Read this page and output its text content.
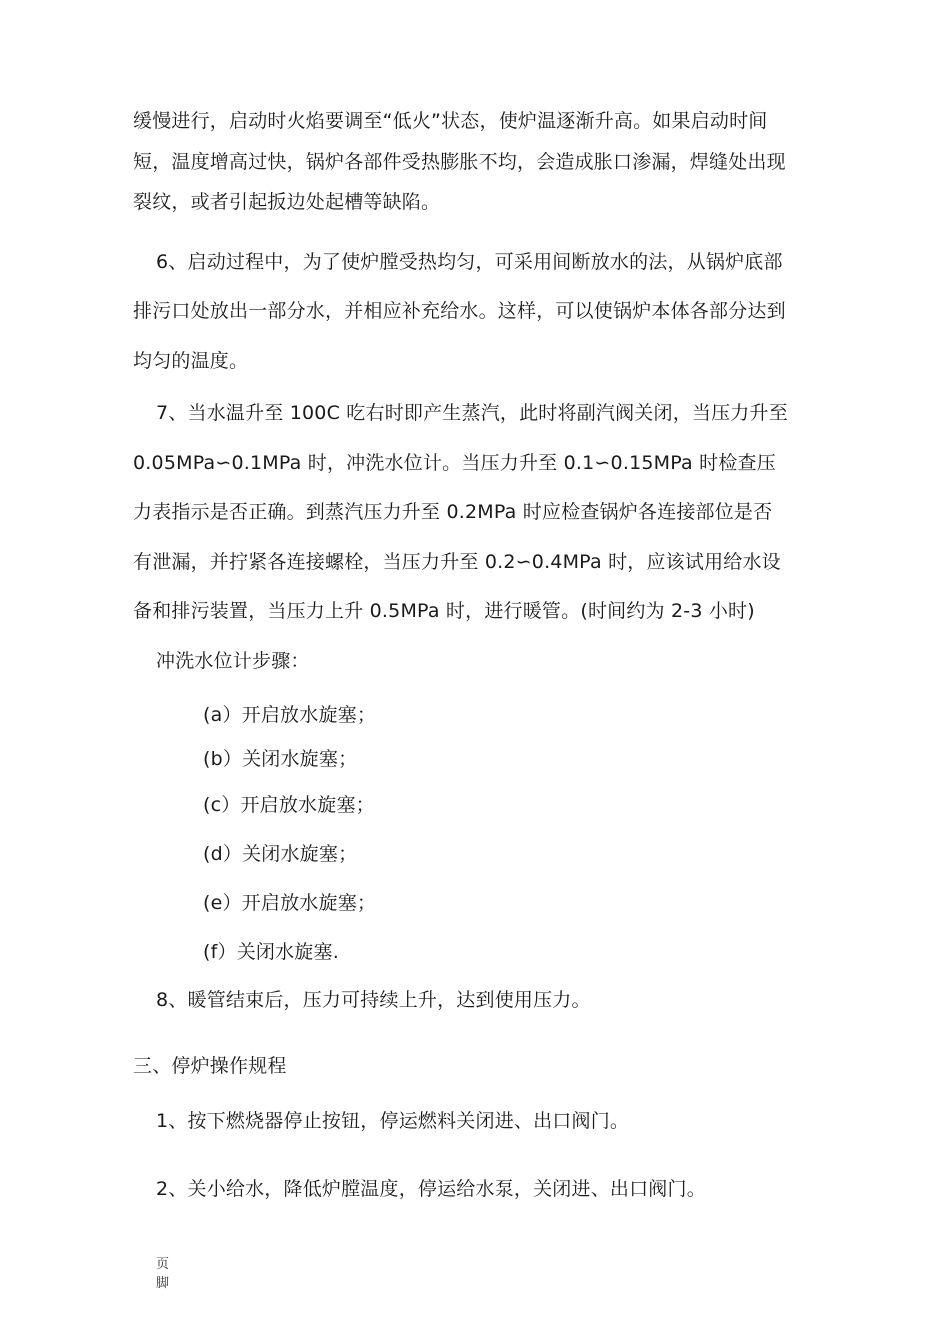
缓慢进行，启动时火焰要调至“低火”状态，使炉温逐渐升高。如果启动时间
短，温度增高过快，锅炉各部件受热膨胀不均，会造成胀口渗漏，焊缝处出现
裂纹，或者引起扳边处起槽等缺陷。
6、启动过程中，为了使炉膛受热均匀，可采用间断放水的法，从锅炉底部
排污口处放出一部分水，并相应补充给水。这样，可以使锅炉本体各部分达到
均匀的温度。
7、当水温升至 100C 吃右时即产生蒸汽，此时将副汽阀关闭，当压力升至
0.05MPa∽0.1MPa 时，冲洗水位计。当压力升至 0.1∽0.15MPa 时检查压
力表指示是否正确。到蒸汽压力升至 0.2MPa 时应检查锅炉各连接部位是否
有泄漏，并拧紧各连接螺栓，当压力升至 0.2∽0.4MPa 时，应该试用给水设
备和排污装置，当压力上升 0.5MPa 时，进行暖管。(时间约为 2-3 小时)
冲洗水位计步骤：
(a）开启放水旋塞；
(b）关闭水旋塞；
(c）开启放水旋塞；
(d）关闭水旋塞；
(e）开启放水旋塞；
(f）关闭水旋塞.
8、暖管结束后，压力可持续上升，达到使用压力。
三、停炉操作规程
1、按下燃烧器停止按钮，停运燃料关闭进、出口阀门。
2、关小给水，降低炉膛温度，停运给水泵，关闭进、出口阀门。
页脚
